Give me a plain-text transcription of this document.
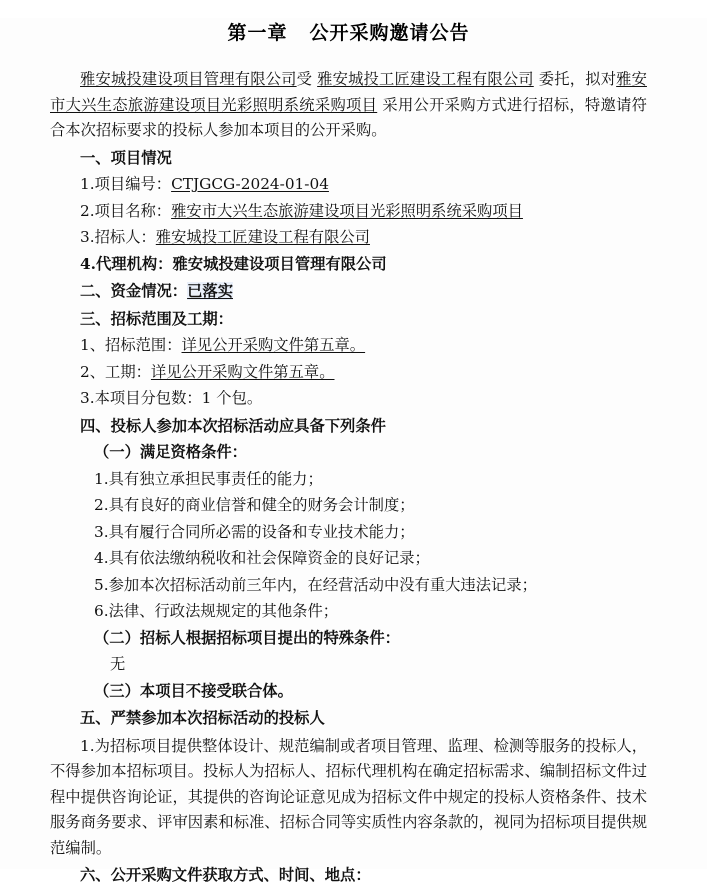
第一章 公开采购邀请公告

雅安城投建设项目管理有限公司受 雅安城投工匠建设工程有限公司 委托，拟对雅安市大兴生态旅游建设项目光彩照明系统采购项目 采用公开采购方式进行招标，特邀请符合本次招标要求的投标人参加本项目的公开采购。

一、项目情况

1.项目编号：CTJGCG-2024-01-04

2.项目名称：雅安市大兴生态旅游建设项目光彩照明系统采购项目

3.招标人：雅安城投工匠建设工程有限公司

4.代理机构：雅安城投建设项目管理有限公司

二、资金情况：已落实

三、招标范围及工期：

1、招标范围：详见公开采购文件第五章。

2、工期：详见公开采购文件第五章。

3.本项目分包数：1 个包。

四、投标人参加本次招标活动应具备下列条件

（一）满足资格条件：

1.具有独立承担民事责任的能力；

2.具有良好的商业信誉和健全的财务会计制度；

3.具有履行合同所必需的设备和专业技术能力；

4.具有依法缴纳税收和社会保障资金的良好记录；

5.参加本次招标活动前三年内，在经营活动中没有重大违法记录；

6.法律、行政法规规定的其他条件；

（二）招标人根据招标项目提出的特殊条件：

无

（三）本项目不接受联合体。

五、严禁参加本次招标活动的投标人

1.为招标项目提供整体设计、规范编制或者项目管理、监理、检测等服务的投标人，不得参加本招标项目。投标人为招标人、招标代理机构在确定招标需求、编制招标文件过程中提供咨询论证，其提供的咨询论证意见成为招标文件中规定的投标人资格条件、技术服务商务要求、评审因素和标准、招标合同等实质性内容条款的，视同为招标项目提供规范编制。

六、公开采购文件获取方式、时间、地点：
